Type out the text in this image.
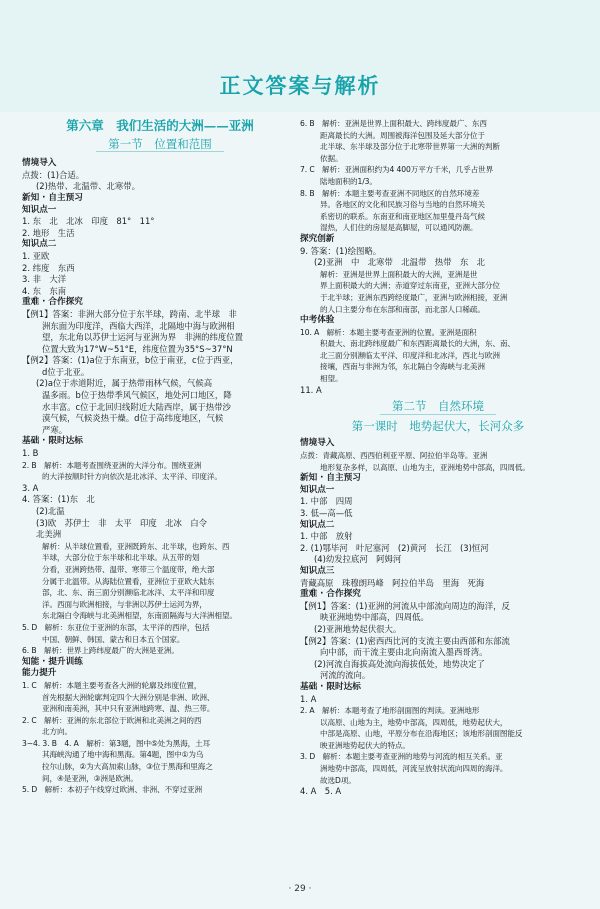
正文答案与解析
第六章　我们生活的大洲——亚洲
第一节　位置和范围
情境导入
点拨：(1)合适。
(2)热带、北温带、北寒带。
新知 · 自主预习
知识点一
1. 东　北　北冰　印度　81°　11°
2. 地形　生活
知识点二
1. 亚欧
2. 纬度　东西
3. 非　大洋
4. 东　东南
重难 · 合作探究
【例1】答案：非洲大部分位于东半球，跨南、北半球　非
洲东面为印度洋，西临大西洋，北隔地中海与欧洲相
望，东北角以苏伊士运河与亚洲为界　非洲的纬度位置
位置大致为17°W~51°E，纬度位置为35°S~37°N
【例2】答案：(1)a位于东南亚，b位于南亚，c位于西亚，
d位于北亚。
(2)a位于赤道附近，属于热带雨林气候，气候高
温多雨。b位于热带季风气候区，地处河口地区，降
水丰富。c位于北回归线附近大陆西岸，属于热带沙
漠气候，气候炎热干燥。d位于高纬度地区，气候
严寒。
基础 · 限时达标
1. B
2. B　解析：本题考查围绕亚洲的大洋分布。围绕亚洲
的大洋按顺时针方向依次是北冰洋、太平洋、印度洋。
3. A
4. 答案：(1)东　北
(2)北温
(3)欧　苏伊士　非　太平　印度　北冰　白令
北美洲
解析：从半球位置看，亚洲既跨东、北半球，也跨东、西
半球，大部分位于东半球和北半球。从五带的划
分看，亚洲跨热带、温带、寒带三个温度带，绝大部
分属于北温带。从海陆位置看，亚洲位于亚欧大陆东
部，北、东、南三面分别濒临北冰洋、太平洋和印度
洋。西面与欧洲相接，与非洲以苏伊士运河为界，
东北隔白令海峡与北美洲相望，东南面隔海与大洋洲相望。
5. D　解析：东亚位于亚洲的东部，太平洋的西岸，包括
中国、朝鲜、韩国、蒙古和日本五个国家。
6. B　解析：世界上跨纬度最广的大洲是亚洲。
知能 · 提升训练
能力提升
1. C　解析：本题主要考查各大洲的轮廓及纬度位置，
首先根据大洲轮廓判定四个大洲分别是非洲、欧洲、
亚洲和南美洲，其中只有亚洲地跨寒、温、热三带。
2. C　解析：亚洲的东北部位于欧洲和北美洲之间的西
北方向。
3~4. 3. B　4. A　解析：第3题，图中⑤处为黑海，土耳
其海峡沟通了地中海和黑海。第4题，图中①为乌
拉尔山脉，②为大高加索山脉，③位于黑海和里海之
间，④是亚洲，③洲是欧洲。
5. D　解析：本初子午线穿过欧洲、非洲、不穿过亚洲
6. B　解析：亚洲是世界上面积最大、跨纬度最广、东西
距离最长的大洲。周围被海洋包围及延大部分位于
北半球、东半球及部分位于北寒带世界第一大洲的判断
依据。
7. C　解析：亚洲面积约为4 400万平方千米，几乎占世界
陆地面积的1/3。
8. B　解析：本题主要考查亚洲不同地区的自然环境差
异。各地区的文化和民族习俗与当地的自然环境关
系密切的联系。东南亚和南亚地区加里曼丹岛气候
湿热，人们住的房屋是高脚屋，可以通风防潮。
探究创新
9. 答案：(1)绘图略。
(2)亚洲　中　北寒带　北温带　热带　东　北
解析：亚洲是世界上面积最大的大洲，亚洲是世
界上面积最大的大洲；赤道穿过东南亚，亚洲大部分位
于北半球；亚洲东西跨经度最广，亚洲与欧洲相接，亚洲
的人口主要分布在东部和南部，而北部人口稀疏。
中考体验
10. A　解析：本题主要考查亚洲的位置。亚洲是面积
积最大、南北跨纬度最广和东西距离最长的大洲，东、南、
北三面分别濒临太平洋、印度洋和北冰洋，西北与欧洲
接壤，西南与非洲为邻，东北隔白令海峡与北美洲
相望。
11. A
第二节　自然环境
第一课时　地势起伏大，长河众多
情境导入
点拨：青藏高原、西西伯利亚平原、阿拉伯半岛等。亚洲
地形复杂多样，以高原、山地为主，亚洲地势中部高，四周低。
新知 · 自主预习
知识点一
1. 中部　四周
3. 低—高—低
知识点二
1. 中部　放射
2. (1)鄂毕河　叶尼塞河　(2)黄河　长江　(3)恒河
(4)幼发拉底河　阿姆河
知识点三
青藏高原　珠穆朗玛峰　阿拉伯半岛　里海　死海
重难 · 合作探究
【例1】答案：(1)亚洲的河流从中部流向周边的海洋，反
映亚洲地势中部高，四周低。
(2)亚洲地势起伏很大。
【例2】答案：(1)密西西比河的支流主要由西部和东部流
向中部，而干流主要由北向南流入墨西哥湾。
(2)河流自海拔高处流向海拔低处，地势决定了
河流的流向。
基础 · 限时达标
1. A
2. A　解析：本题考查了地形剖面图的判读。亚洲地形
以高原、山地为主，地势中部高，四周低，地势起伏大，
中部是高原、山地，平原分布在沿海地区；该地形剖面图能反
映亚洲地势起伏大的特点。
3. D　解析：本题主要考查亚洲的地势与河流的相互关系。亚
洲地势中部高，四周低，河流呈放射状流向四周的海洋。
故选D项。
4. A　5. A
· 29 ·
